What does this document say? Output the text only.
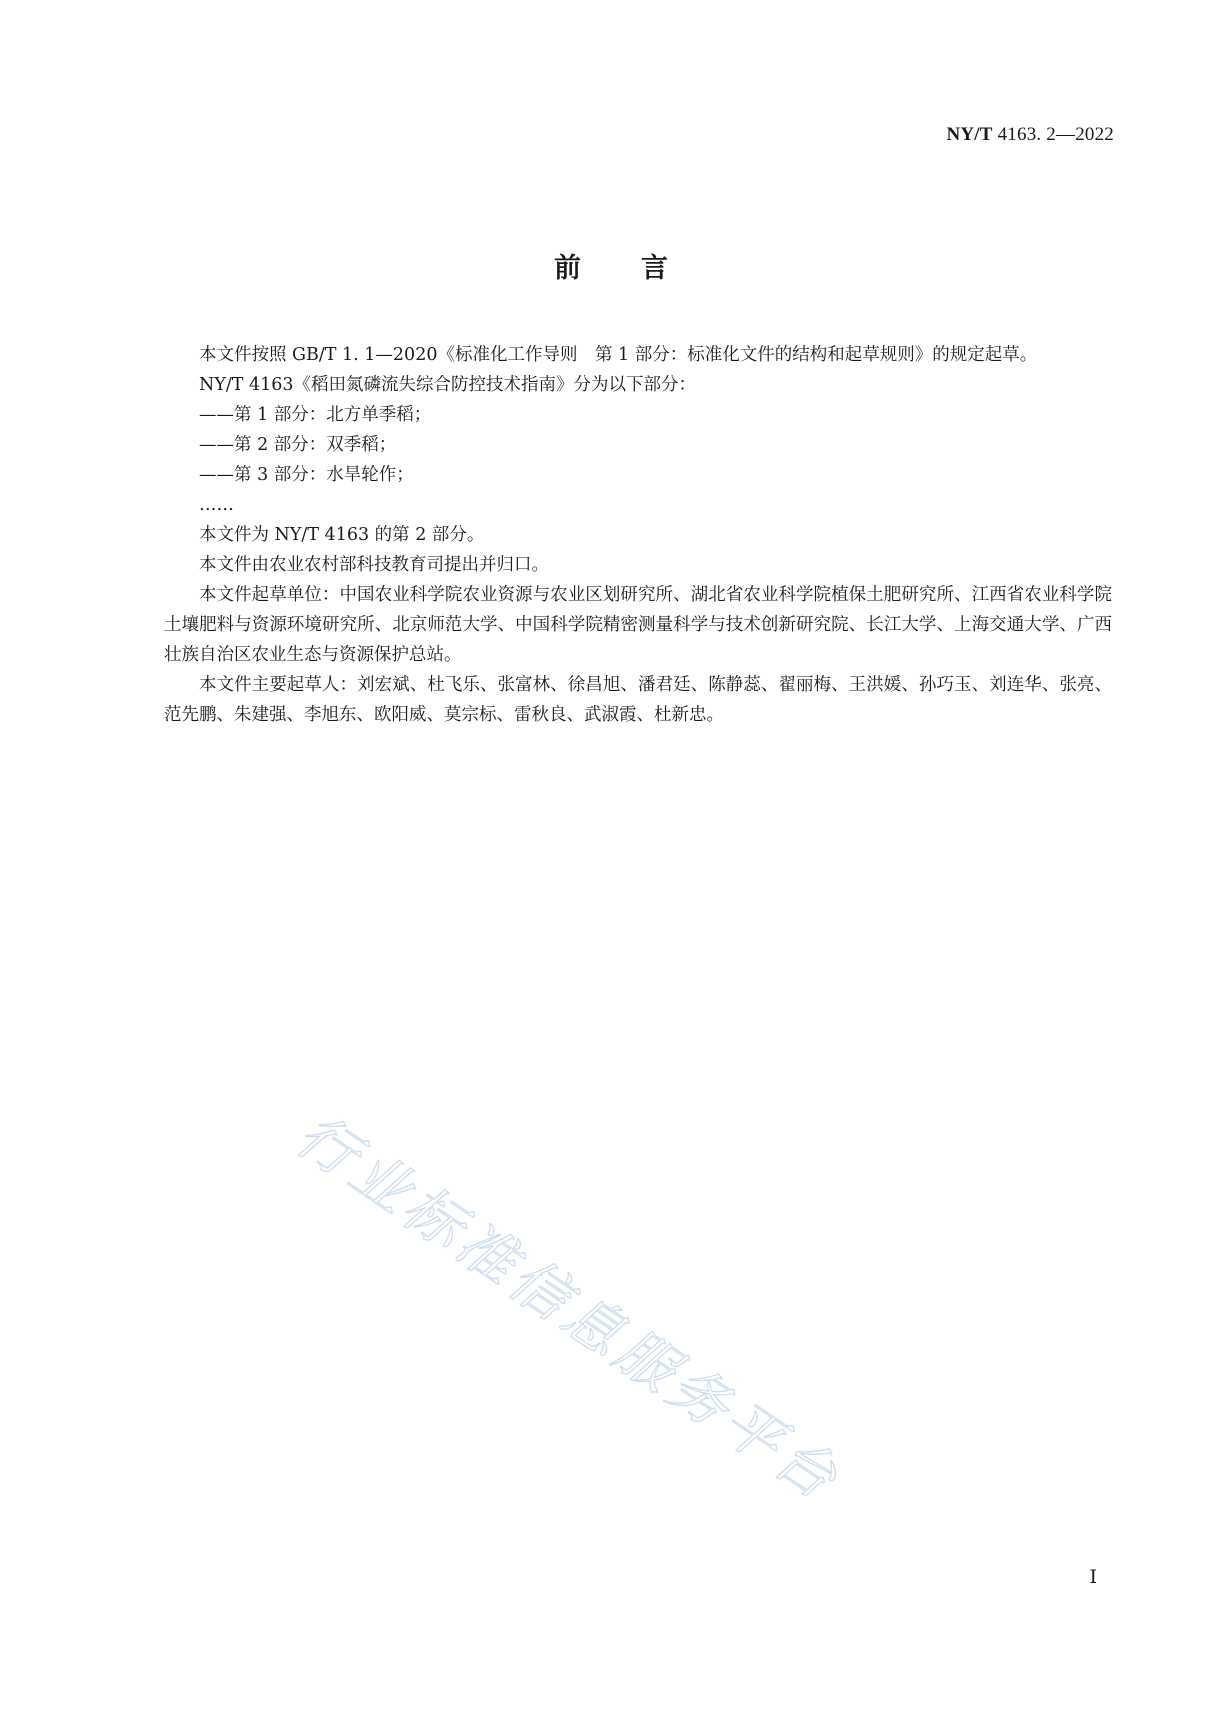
NY/T 4163. 2—2022
前 言

本文件按照 GB/T 1. 1—2020《标准化工作导则　第 1 部分：标准化文件的结构和起草规则》的规定起草。

NY/T 4163《稻田氮磷流失综合防控技术指南》分为以下部分：

——第 1 部分：北方单季稻；

——第 2 部分：双季稻；

——第 3 部分：水旱轮作；

……

本文件为 NY/T 4163 的第 2 部分。

本文件由农业农村部科技教育司提出并归口。

本文件起草单位：中国农业科学院农业资源与农业区划研究所、湖北省农业科学院植保土肥研究所、江西省农业科学院土壤肥料与资源环境研究所、北京师范大学、中国科学院精密测量科学与技术创新研究院、长江大学、上海交通大学、广西壮族自治区农业生态与资源保护总站。

本文件主要起草人：刘宏斌、杜飞乐、张富林、徐昌旭、潘君廷、陈静蕊、翟丽梅、王洪媛、孙巧玉、刘连华、张亮、范先鹏、朱建强、李旭东、欧阳威、莫宗标、雷秋良、武淑霞、杜新忠。

行业标准信息服务平台
I
